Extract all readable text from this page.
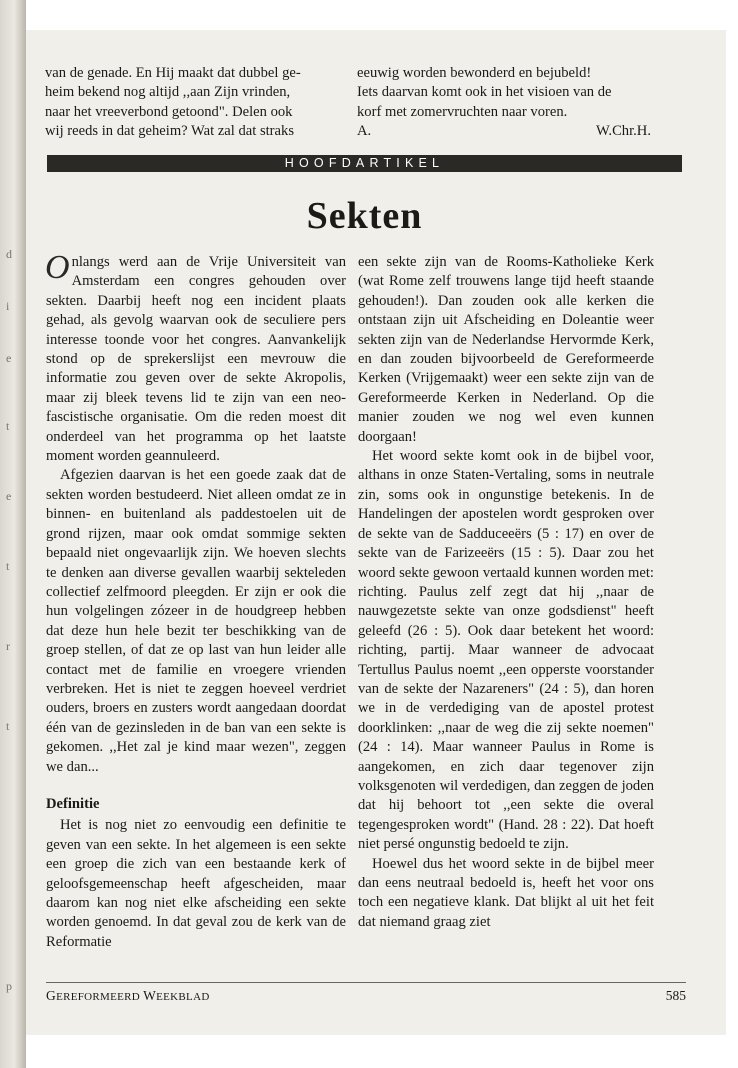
d
i
e
t
e
t
r
t
p

van de genade. En Hij maakt dat dubbel ge-

heim bekend nog altijd ,,aan Zijn vrinden,

naar het vreeverbond getoond". Delen ook

wij reeds in dat geheim? Wat zal dat straks

eeuwig worden bewonderd en bejubeld!

Iets daarvan komt ook in het visioen van de

korf met zomervruchten naar voren.

A.	W.Chr.H.
HOOFDARTIKEL
Sekten

Onlangs werd aan de Vrije Universiteit van Amsterdam een congres gehouden over sekten. Daarbij heeft nog een incident plaats gehad, als gevolg waarvan ook de seculiere pers interesse toonde voor het congres. Aanvankelijk stond op de sprekerslijst een mevrouw die informatie zou geven over de sekte Akropolis, maar zij bleek tevens lid te zijn van een neo-fascistische organisatie. Om die reden moest dit onderdeel van het programma op het laatste moment worden geannuleerd.

Afgezien daarvan is het een goede zaak dat de sekten worden bestudeerd. Niet alleen omdat ze in binnen- en buitenland als paddestoelen uit de grond rijzen, maar ook omdat sommige sekten bepaald niet ongevaarlijk zijn. We hoeven slechts te denken aan diverse gevallen waarbij sekteleden collectief zelfmoord pleegden. Er zijn er ook die hun volgelingen zózeer in de houdgreep hebben dat deze hun hele bezit ter beschikking van de groep stellen, of dat ze op last van hun leider alle contact met de familie en vroegere vrienden verbreken. Het is niet te zeggen hoeveel verdriet ouders, broers en zusters wordt aangedaan doordat één van de gezinsleden in de ban van een sekte is gekomen. ,,Het zal je kind maar wezen", zeggen we dan...

Definitie

Het is nog niet zo eenvoudig een definitie te geven van een sekte. In het algemeen is een sekte een groep die zich van een bestaande kerk of geloofsgemeenschap heeft afgescheiden, maar daarom kan nog niet elke afscheiding een sekte worden genoemd. In dat geval zou de kerk van de Reformatie

een sekte zijn van de Rooms-Katholieke Kerk (wat Rome zelf trouwens lange tijd heeft staande gehouden!). Dan zouden ook alle kerken die ontstaan zijn uit Afscheiding en Doleantie weer sekten zijn van de Nederlandse Hervormde Kerk, en dan zouden bijvoorbeeld de Gereformeerde Kerken (Vrijgemaakt) weer een sekte zijn van de Gereformeerde Kerken in Nederland. Op die manier zouden we nog wel even kunnen doorgaan!

Het woord sekte komt ook in de bijbel voor, althans in onze Staten-Vertaling, soms in neutrale zin, soms ook in ongunstige betekenis. In de Handelingen der apostelen wordt gesproken over de sekte van de Sadduceeërs (5 : 17) en over de sekte van de Farizeeërs (15 : 5). Daar zou het woord sekte gewoon vertaald kunnen worden met: richting. Paulus zelf zegt dat hij ,,naar de nauwgezetste sekte van onze godsdienst" heeft geleefd (26 : 5). Ook daar betekent het woord: richting, partij. Maar wanneer de advocaat Tertullus Paulus noemt ,,een opperste voorstander van de sekte der Nazareners" (24 : 5), dan horen we in de verdediging van de apostel protest doorklinken: ,,naar de weg die zij sekte noemen" (24 : 14). Maar wanneer Paulus in Rome is aangekomen, en zich daar tegenover zijn volksgenoten wil verdedigen, dan zeggen de joden dat hij behoort tot ,,een sekte die overal tegengesproken wordt" (Hand. 28 : 22). Dat hoeft niet persé ongunstig bedoeld te zijn.

Hoewel dus het woord sekte in de bijbel meer dan eens neutraal bedoeld is, heeft het voor ons toch een negatieve klank. Dat blijkt al uit het feit dat niemand graag ziet

GEREFORMEERD WEEKBLAD	585
